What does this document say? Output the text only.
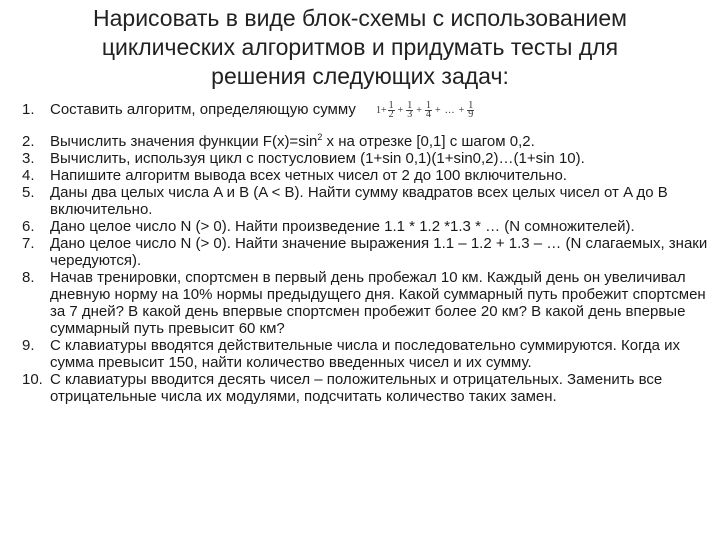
Нарисовать в виде блок-схемы с использованием
циклических алгоритмов и придумать тесты для
решения следующих задач:
1.	Составить алгоритм, определяющую сумму $1+ \frac{1}{2} + \frac{1}{3} + \frac{1}{4}$ + … + $\frac{1}{9}$
2.	Вычислить значения функции $F(x)=\sin^2$ x на отрезке [0,1] с шагом 0,2.
3.	Вычислить, используя цикл с постусловием (1+sin 0,1)(1+sin0,2)…(1+sin 10).
4.	Напишите алгоритм вывода всех четных чисел от 2 до 100 включительно.
5.	Даны два целых числа A и B (A < B). Найти сумму квадратов всех целых чисел от A до B включительно.
6.	Дано целое число N (> 0). Найти произведение 1.1 * 1.2 *1.3 * … (N сомножителей).
7.	Дано целое число N (> 0). Найти значение выражения 1.1 – 1.2 + 1.3 – … (N слагаемых, знаки чередуются).
8.	Начав тренировки, спортсмен в первый день пробежал 10 км. Каждый день он увеличивал дневную норму на 10% нормы предыдущего дня. Какой суммарный путь пробежит спортсмен за 7 дней? В какой день впервые спортсмен пробежит более 20 км? В какой день впервые суммарный путь превысит 60 км?
9.	С клавиатуры вводятся действительные числа и последовательно суммируются. Когда их сумма превысит 150, найти количество введенных чисел и их сумму.
10. С клавиатуры вводится десять чисел – положительных и отрицательных. Заменить все отрицательные числа их модулями, подсчитать количество таких замен.
